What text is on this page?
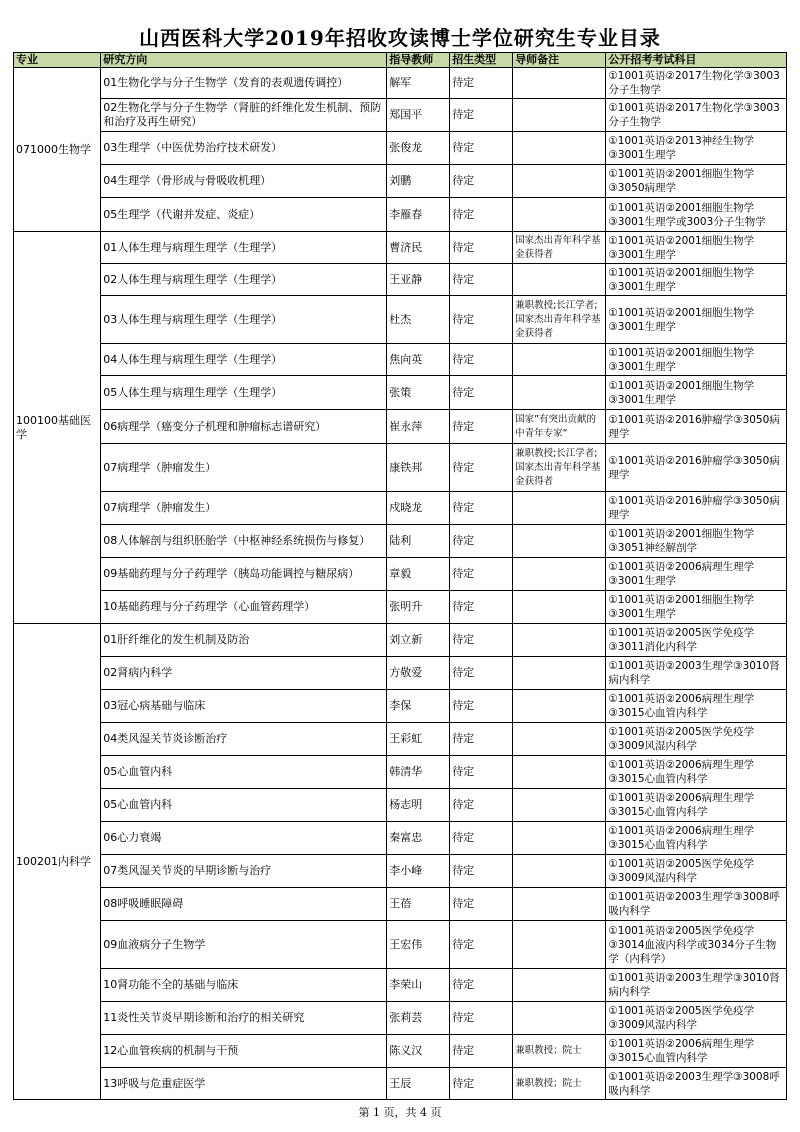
山西医科大学2019年招收攻读博士学位研究生专业目录
专业	研究方向	指导教师	招生类型	导师备注	公开招考考试科目
071000生物学	01生物化学与分子生物学（发育的表观遗传调控）	解军	待定		①1001英语②2017生物化学③3003分子生物学
	02生物化学与分子生物学（肾脏的纤维化发生机制、预防和治疗及再生研究）	郑国平	待定		①1001英语②2017生物化学③3003分子生物学
	03生理学（中医优势治疗技术研发）	张俊龙	待定		①1001英语②2013神经生物学③3001生理学
	04生理学（骨形成与骨吸收机理）	刘鹏	待定		①1001英语②2001细胞生物学③3050病理学
	05生理学（代谢并发症、炎症）	李雁春	待定		①1001英语②2001细胞生物学③3001生理学或3003分子生物学
100100基础医学	01人体生理与病理生理学（生理学）	曹济民	待定	国家杰出青年科学基金获得者	①1001英语②2001细胞生物学③3001生理学
	02人体生理与病理生理学（生理学）	王亚静	待定		①1001英语②2001细胞生物学③3001生理学
	03人体生理与病理生理学（生理学）	杜杰	待定	兼职教授;长江学者;国家杰出青年科学基金获得者	①1001英语②2001细胞生物学③3001生理学
	04人体生理与病理生理学（生理学）	焦向英	待定		①1001英语②2001细胞生物学③3001生理学
	05人体生理与病理生理学（生理学）	张策	待定		①1001英语②2001细胞生物学③3001生理学
	06病理学（癌变分子机理和肿瘤标志谱研究）	崔永萍	待定	国家”有突出贡献的中青年专家“	①1001英语②2016肿瘤学③3050病理学
	07病理学（肿瘤发生）	康铁邦	待定	兼职教授;长江学者;国家杰出青年科学基金获得者	①1001英语②2016肿瘤学③3050病理学
	07病理学（肿瘤发生）	戍晓龙	待定		①1001英语②2016肿瘤学③3050病理学
	08人体解剖与组织胚胎学（中枢神经系统损伤与修复）	陆利	待定		①1001英语②2001细胞生物学③3051神经解剖学
	09基础药理与分子药理学（胰岛功能调控与糖尿病）	章毅	待定		①1001英语②2006病理生理学③3001生理学
	10基础药理与分子药理学（心血管药理学）	张明升	待定		①1001英语②2001细胞生物学③3001生理学
100201内科学	01肝纤维化的发生机制及防治	刘立新	待定		①1001英语②2005医学免疫学③3011消化内科学
	02肾病内科学	方敬爱	待定		①1001英语②2003生理学③3010肾病内科学
	03冠心病基础与临床	李保	待定		①1001英语②2006病理生理学③3015心血管内科学
	04类风湿关节炎诊断治疗	王彩虹	待定		①1001英语②2005医学免疫学③3009风湿内科学
	05心血管内科	韩清华	待定		①1001英语②2006病理生理学③3015心血管内科学
	05心血管内科	杨志明	待定		①1001英语②2006病理生理学③3015心血管内科学
	06心力衰竭	秦富忠	待定		①1001英语②2006病理生理学③3015心血管内科学
	07类风湿关节炎的早期诊断与治疗	李小峰	待定		①1001英语②2005医学免疫学③3009风湿内科学
	08呼吸睡眠障碍	王蓓	待定		①1001英语②2003生理学③3008呼吸内科学
	09血液病分子生物学	王宏伟	待定		①1001英语②2005医学免疫学③3014血液内科学或3034分子生物学（内科学）
	10肾功能不全的基础与临床	李荣山	待定		①1001英语②2003生理学③3010肾病内科学
	11炎性关节炎早期诊断和治疗的相关研究	张莉芸	待定		①1001英语②2005医学免疫学③3009风湿内科学
	12心血管疾病的机制与干预	陈义汉	待定	兼职教授；院士	①1001英语②2006病理生理学③3015心血管内科学
	13呼吸与危重症医学	王辰	待定	兼职教授；院士	①1001英语②2003生理学③3008呼吸内科学
第 1 页，共 4 页
